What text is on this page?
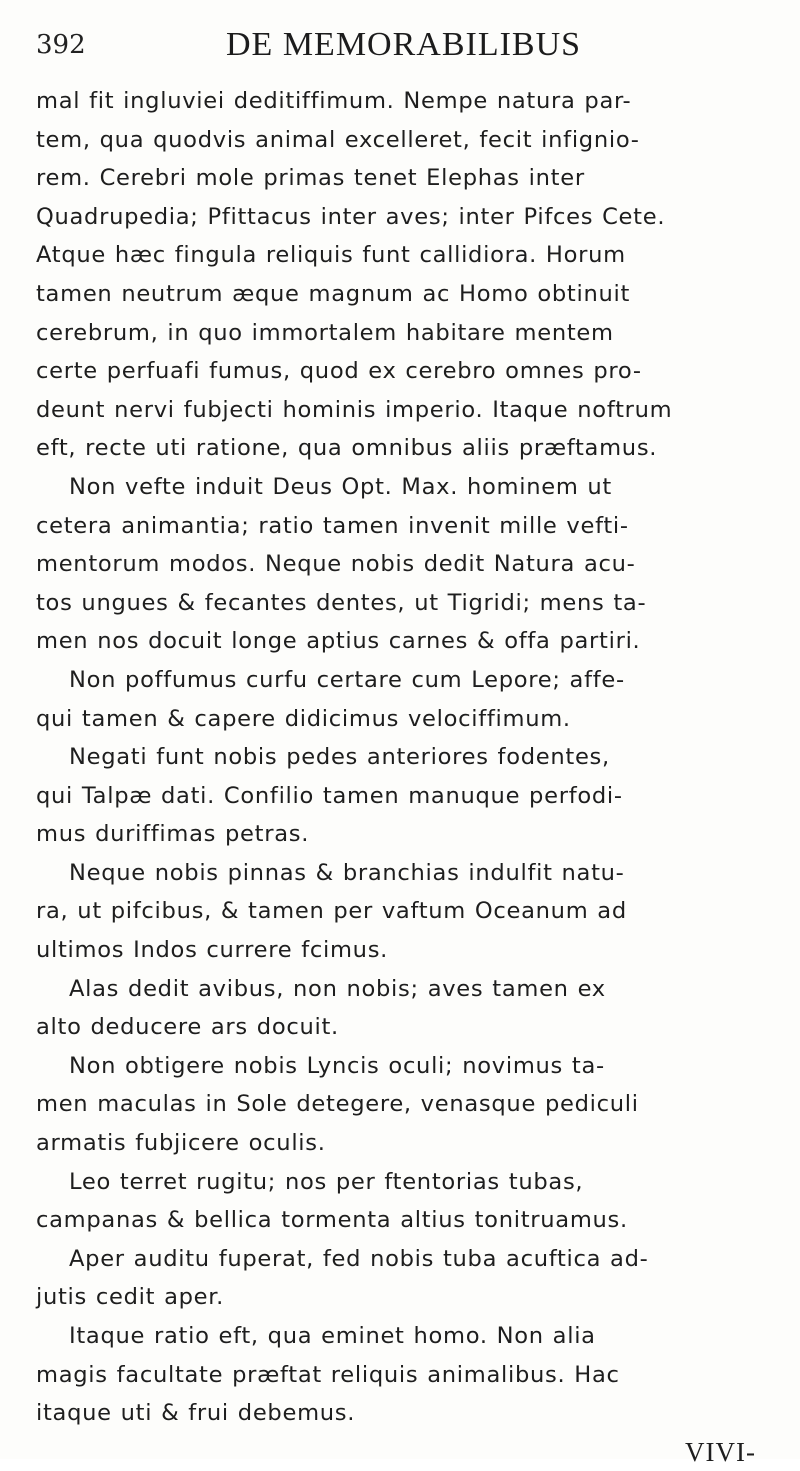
392	DE MEMORABILIBUS
mal fit ingluviei deditiffimum. Nempe natura par-
tem, qua quodvis animal excelleret, fecit infignio-
rem. Cerebri mole primas tenet Elephas inter
Quadrupedia; Pfittacus inter aves; inter Pifces Cete.
Atque hæc fingula reliquis funt callidiora. Horum
tamen neutrum æque magnum ac Homo obtinuit
cerebrum, in quo immortalem habitare mentem
certe perfuafi fumus, quod ex cerebro omnes pro-
deunt nervi fubjecti hominis imperio. Itaque noftrum
eft, recte uti ratione, qua omnibus aliis præftamus.
Non vefte induit Deus Opt. Max. hominem ut
cetera animantia; ratio tamen invenit mille vefti-
mentorum modos. Neque nobis dedit Natura acu-
tos ungues & fecantes dentes, ut Tigridi; mens ta-
men nos docuit longe aptius carnes & offa partiri.
Non poffumus curfu certare cum Lepore; affe-
qui tamen & capere didicimus velociffimum.
Negati funt nobis pedes anteriores fodentes,
qui Talpæ dati. Confilio tamen manuque perfodi-
mus duriffimas petras.
Neque nobis pinnas & branchias indulfit natu-
ra, ut pifcibus, & tamen per vaftum Oceanum ad
ultimos Indos currere fcimus.
Alas dedit avibus, non nobis; aves tamen ex
alto deducere ars docuit.
Non obtigere nobis Lyncis oculi; novimus ta-
men maculas in Sole detegere, venasque pediculi
armatis fubjicere oculis.
Leo terret rugitu; nos per ftentorias tubas,
campanas & bellica tormenta altius tonitruamus.
Aper auditu fuperat, fed nobis tuba acuftica ad-
jutis cedit aper.
Itaque ratio eft, qua eminet homo. Non alia
magis facultate præftat reliquis animalibus. Hac
itaque uti & frui debemus.
VIVI-
